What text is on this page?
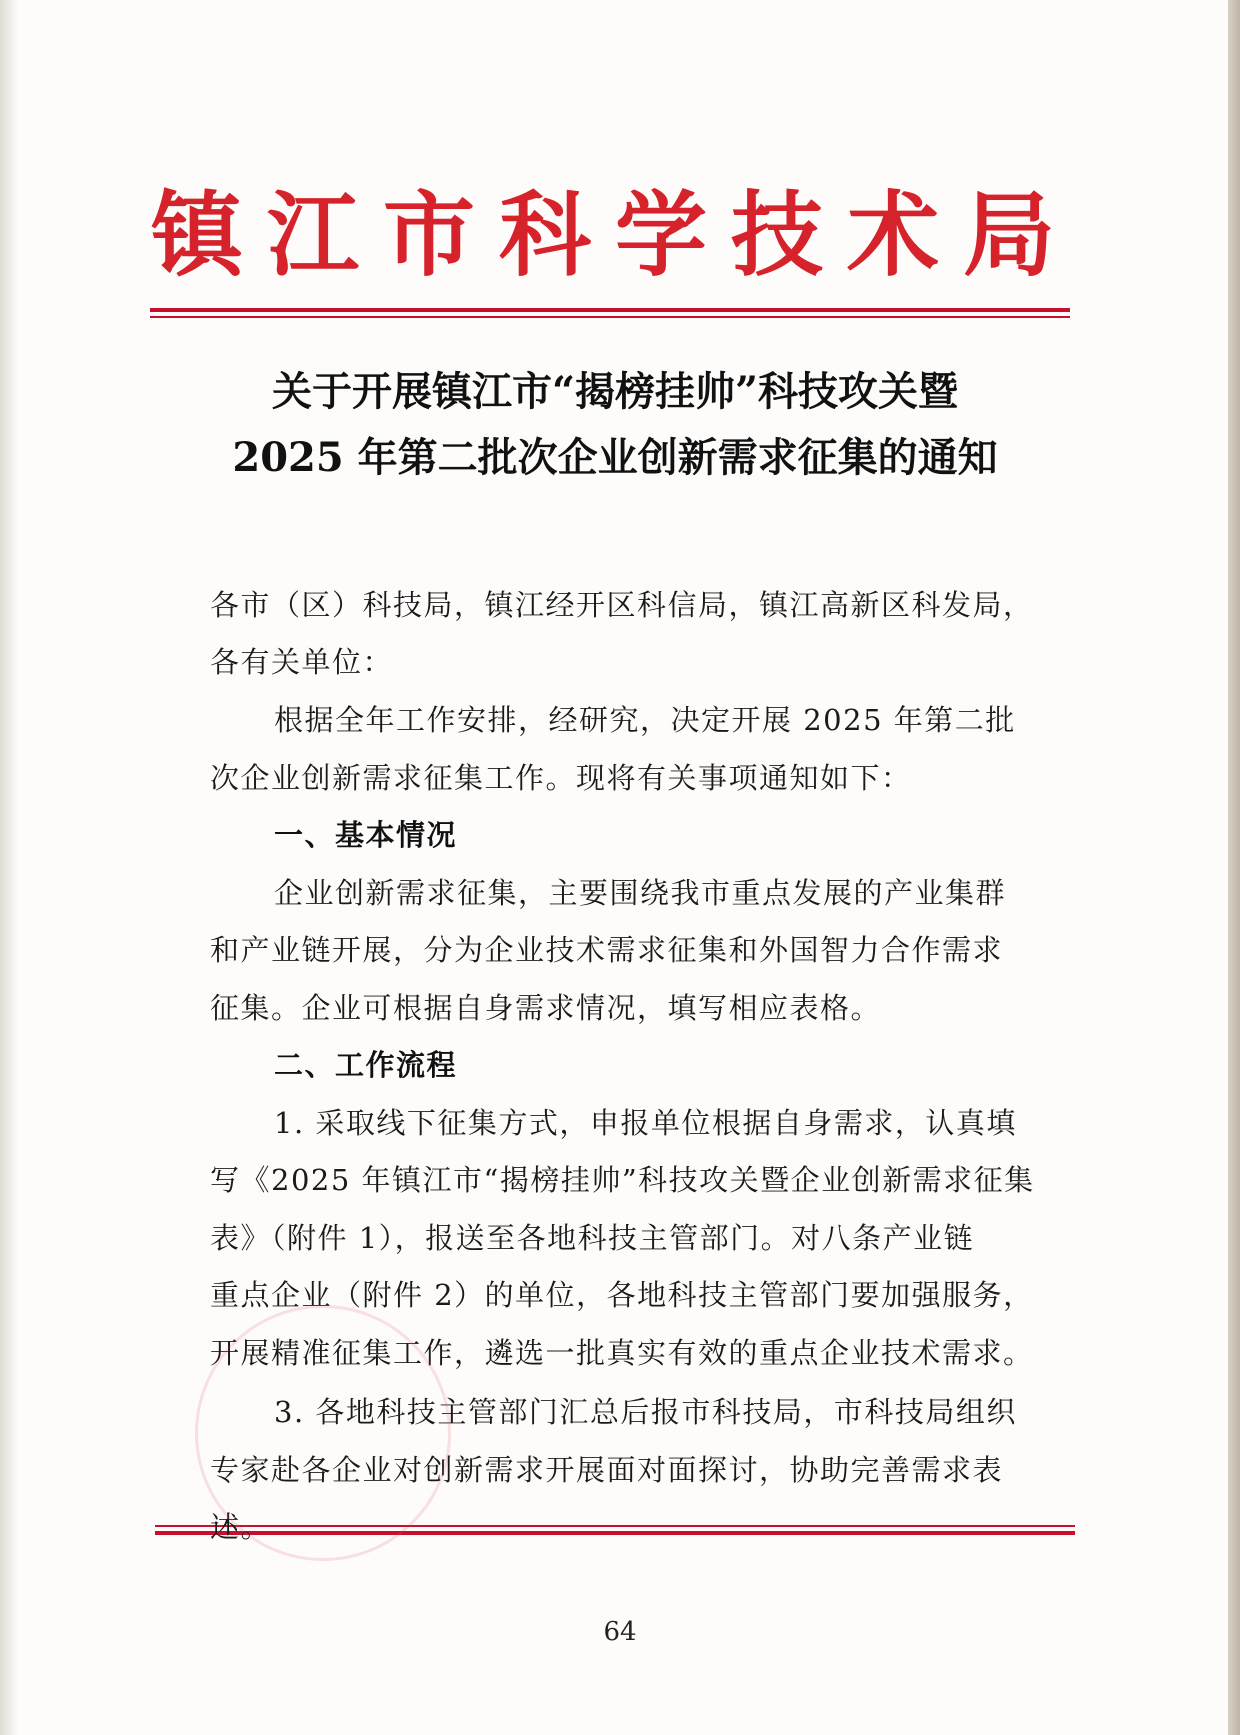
镇江市科学技术局
关于开展镇江市“揭榜挂帅”科技攻关暨
2025 年第二批次企业创新需求征集的通知
各市（区）科技局，镇江经开区科信局，镇江高新区科发局，
各有关单位：
根据全年工作安排，经研究，决定开展 2025 年第二批
次企业创新需求征集工作。现将有关事项通知如下：
一、基本情况
企业创新需求征集，主要围绕我市重点发展的产业集群
和产业链开展，分为企业技术需求征集和外国智力合作需求
征集。企业可根据自身需求情况，填写相应表格。
二、工作流程
1. 采取线下征集方式，申报单位根据自身需求，认真填
写《2025 年镇江市“揭榜挂帅”科技攻关暨企业创新需求征集
表》（附件 1），报送至各地科技主管部门。对八条产业链
重点企业（附件 2）的单位，各地科技主管部门要加强服务，
开展精准征集工作，遴选一批真实有效的重点企业技术需求。
3. 各地科技主管部门汇总后报市科技局，市科技局组织
专家赴各企业对创新需求开展面对面探讨，协助完善需求表
述。
64
